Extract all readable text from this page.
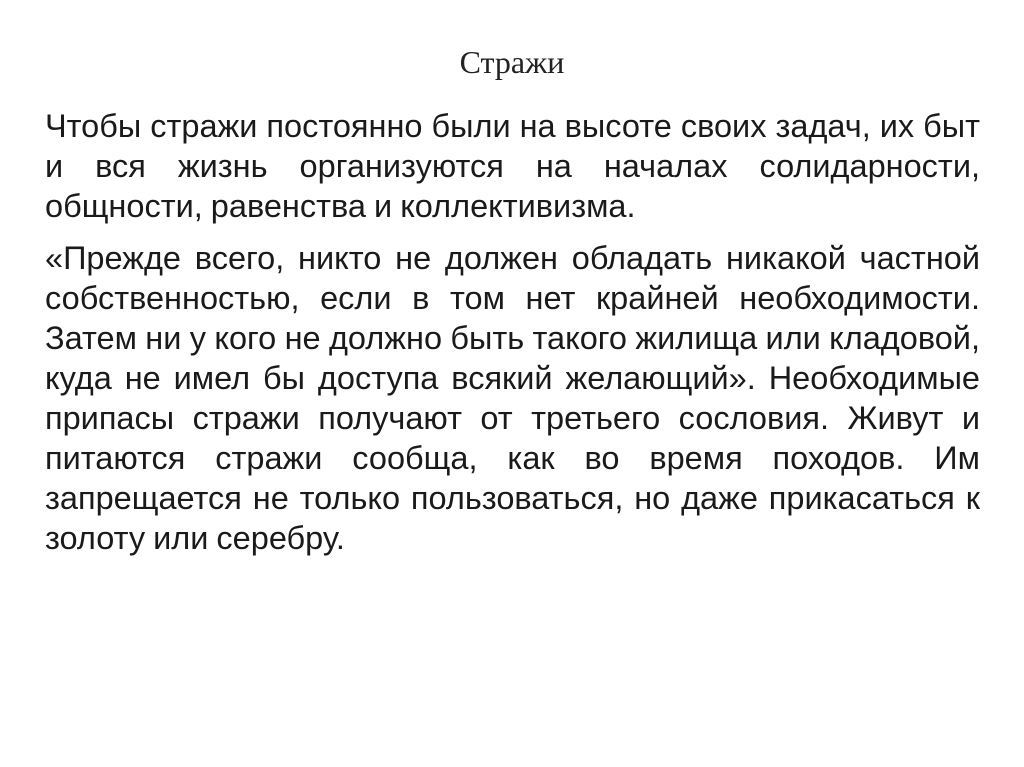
Стражи

Чтобы стражи постоянно были на высоте своих задач, их быт и вся жизнь организуются на началах солидарности, общности, равенства и коллективизма.

«Прежде всего, никто не должен обладать никакой частной собственностью, если в том нет крайней необходимости. Затем ни у кого не должно быть такого жилища или кладовой, куда не имел бы доступа всякий желающий». Необходимые припасы стражи получают от третьего сословия. Живут и питаются стражи сообща, как во время походов. Им запрещается не только пользоваться, но даже прикасаться к золоту или серебру.
